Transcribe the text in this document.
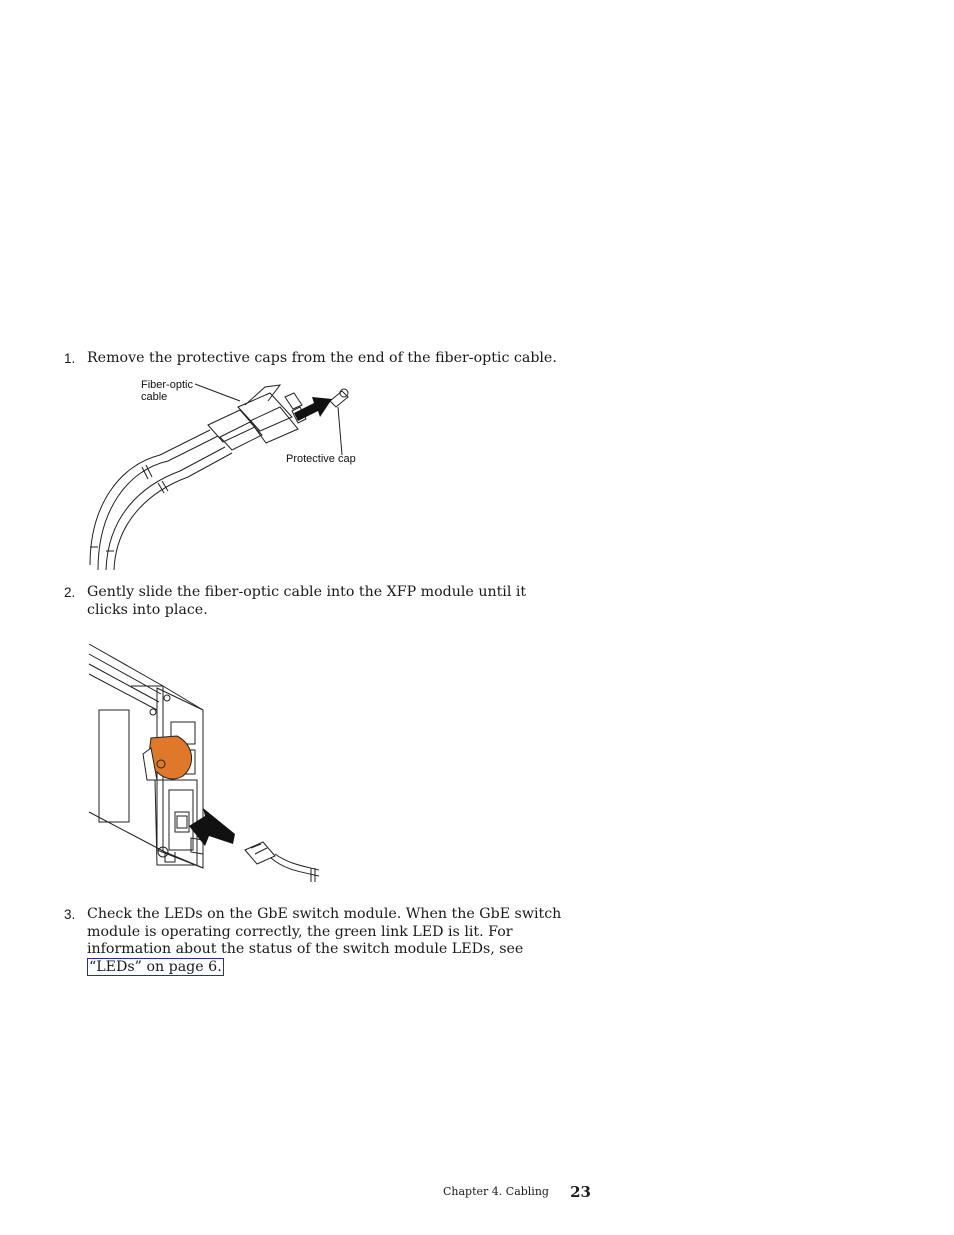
1. Remove the protective caps from the end of the fiber-optic cable.
Fiber-optic
cable
Protective cap
2. Gently slide the fiber-optic cable into the XFP module until it clicks into place.
3. Check the LEDs on the GbE switch module. When the GbE switch module is operating correctly, the green link LED is lit. For information about the status of the switch module LEDs, see “LEDs” on page 6.
Chapter 4. Cabling 23
